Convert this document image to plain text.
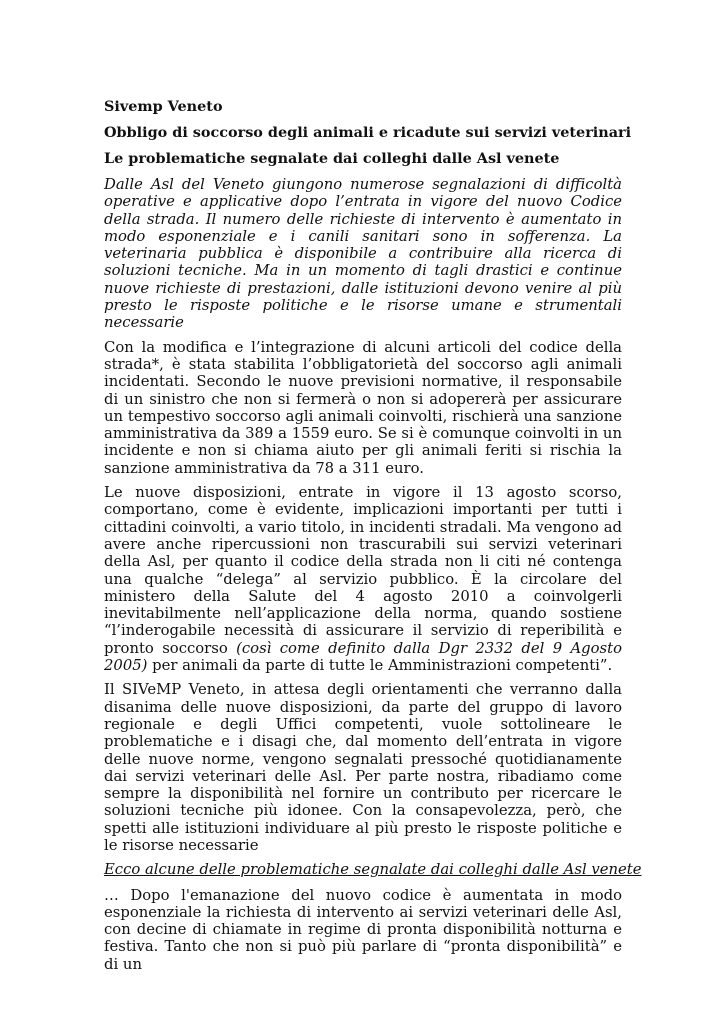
Sivemp Veneto
Obbligo di soccorso degli animali e ricadute sui servizi veterinari
Le problematiche segnalate dai colleghi dalle Asl venete

Dalle Asl del Veneto giungono numerose segnalazioni di difficoltà operative e applicative dopo l’entrata in vigore del nuovo Codice della strada. Il numero delle richieste di intervento è aumentato in modo esponenziale e i canili sanitari sono in sofferenza. La veterinaria pubblica è disponibile a contribuire alla ricerca di soluzioni tecniche. Ma in un momento di tagli drastici e continue nuove richieste di prestazioni, dalle istituzioni devono venire al più presto le risposte politiche e le risorse umane e strumentali necessarie

Con la modifica e l’integrazione di alcuni articoli del codice della strada*, è stata stabilita l’obbligatorietà del soccorso agli animali incidentati. Secondo le nuove previsioni normative, il responsabile di un sinistro che non si fermerà o non si adopererà per assicurare un tempestivo soccorso agli animali coinvolti, rischierà una sanzione amministrativa da 389 a 1559 euro. Se si è comunque coinvolti in un incidente e non si chiama aiuto per gli animali feriti si rischia la sanzione amministrativa da 78 a 311 euro.

Le nuove disposizioni, entrate in vigore il 13 agosto scorso, comportano, come è evidente, implicazioni importanti per tutti i cittadini coinvolti, a vario titolo, in incidenti stradali. Ma vengono ad avere anche ripercussioni non trascurabili sui servizi veterinari della Asl, per quanto il codice della strada non li citi né contenga una qualche “delega” al servizio pubblico. È la circolare del ministero della Salute del 4 agosto 2010 a coinvolgerli inevitabilmente nell’applicazione della norma, quando sostiene “l’inderogabile necessità di assicurare il servizio di reperibilità e pronto soccorso (così come definito dalla Dgr 2332 del 9 Agosto 2005) per animali da parte di tutte le Amministrazioni competenti”.

Il SIVeMP Veneto, in attesa degli orientamenti che verranno dalla disanima delle nuove disposizioni, da parte del gruppo di lavoro regionale e degli Uffici competenti, vuole sottolineare le problematiche e i disagi che, dal momento dell’entrata in vigore delle nuove norme, vengono segnalati pressoché quotidianamente dai servizi veterinari delle Asl. Per parte nostra, ribadiamo come sempre la disponibilità nel fornire un contributo per ricercare le soluzioni tecniche più idonee. Con la consapevolezza, però, che spetti alle istituzioni individuare al più presto le risposte politiche e le risorse necessarie

Ecco alcune delle problematiche segnalate dai colleghi dalle Asl venete

… Dopo l'emanazione del nuovo codice è aumentata in modo esponenziale la richiesta di intervento ai servizi veterinari delle Asl, con decine di chiamate in regime di pronta disponibilità notturna e festiva. Tanto che non si può più parlare di “pronta disponibilità” e di un
